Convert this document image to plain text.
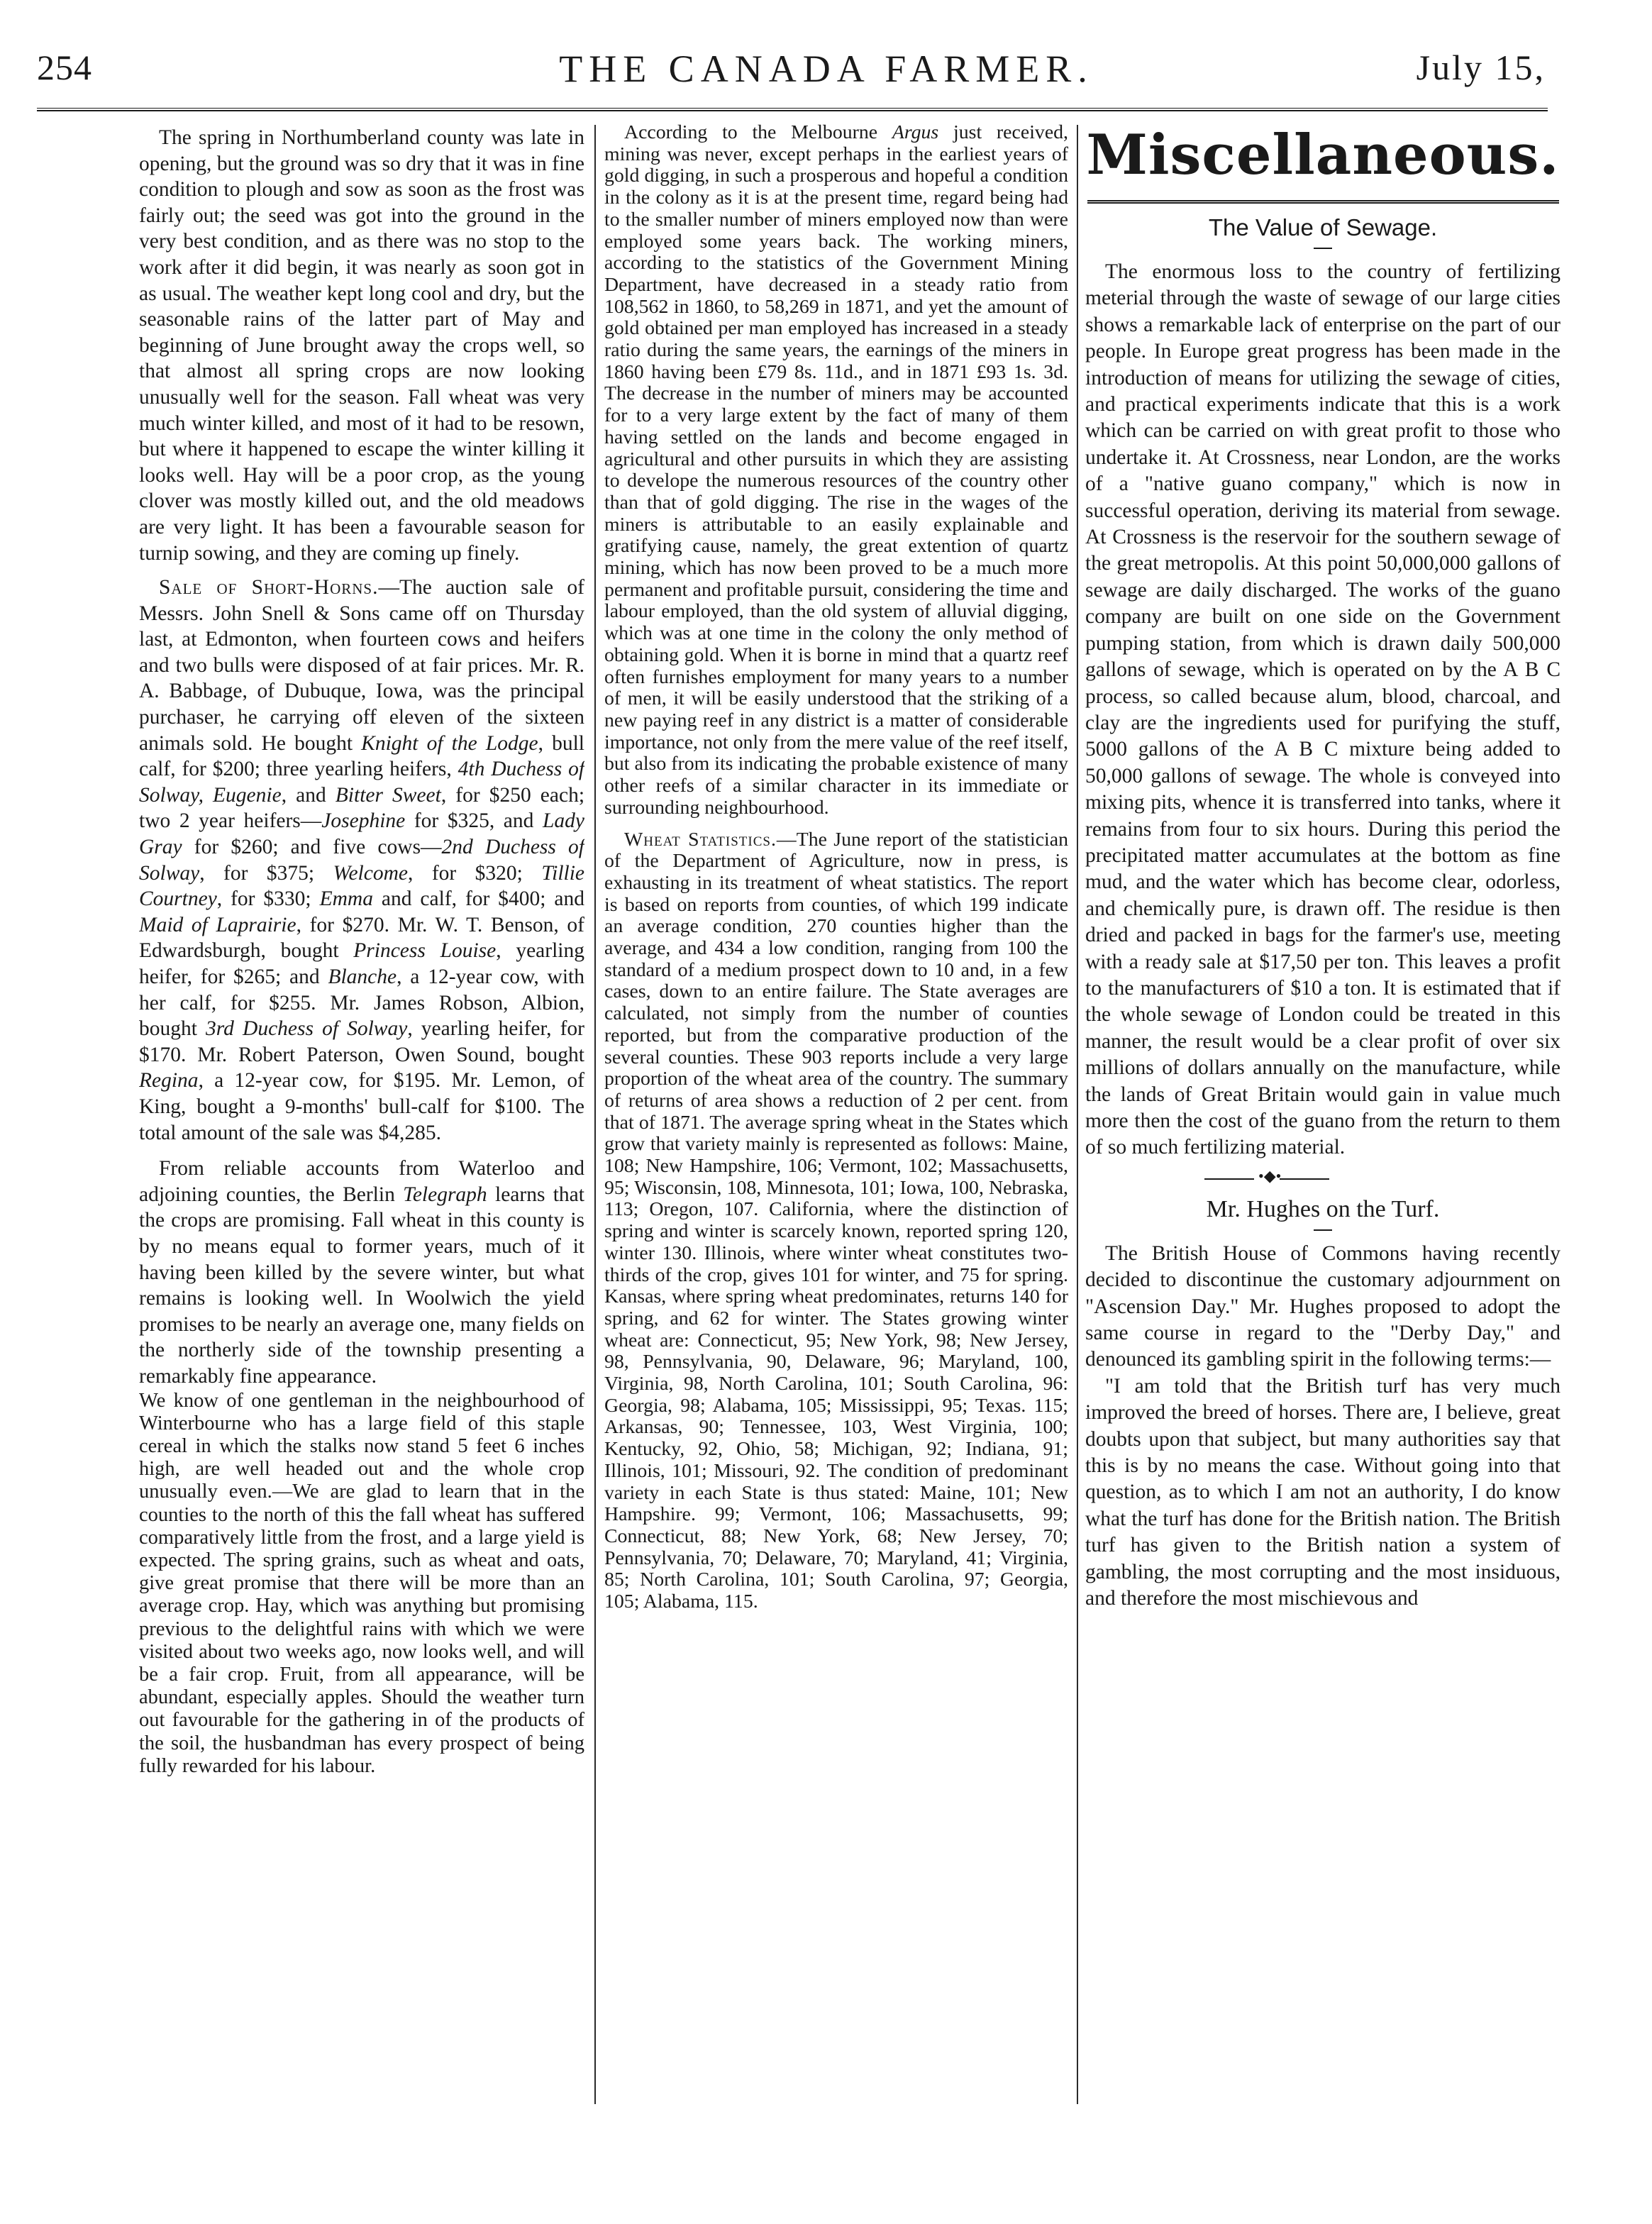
254	THE CANADA FARMER.	July 15,

The spring in Northumberland county was late in opening, but the ground was so dry that it was in fine condition to plough and sow as soon as the frost was fairly out; the seed was got into the ground in the very best condition, and as there was no stop to the work after it did begin, it was nearly as soon got in as usual. The weather kept long cool and dry, but the seasonable rains of the latter part of May and beginning of June brought away the crops well, so that almost all spring crops are now looking unusually well for the season. Fall wheat was very much winter killed, and most of it had to be resown, but where it happened to escape the winter killing it looks well. Hay will be a poor crop, as the young clover was mostly killed out, and the old meadows are very light. It has been a favourable season for turnip sowing, and they are coming up finely.

Sale of Short-Horns.—The auction sale of Messrs. John Snell & Sons came off on Thursday last, at Edmonton, when fourteen cows and heifers and two bulls were disposed of at fair prices. Mr. R. A. Babbage, of Dubuque, Iowa, was the principal purchaser, he carrying off eleven of the sixteen animals sold. He bought Knight of the Lodge, bull calf, for $200; three yearling heifers, 4th Duchess of Solway, Eugenie, and Bitter Sweet, for $250 each; two 2 year heifers—Josephine for $325, and Lady Gray for $260; and five cows—2nd Duchess of Solway, for $375; Welcome, for $320; Tillie Courtney, for $330; Emma and calf, for $400; and Maid of Laprairie, for $270. Mr. W. T. Benson, of Edwardsburgh, bought Princess Louise, yearling heifer, for $265; and Blanche, a 12-year cow, with her calf, for $255. Mr. James Robson, Albion, bought 3rd Duchess of Solway, yearling heifer, for $170. Mr. Robert Paterson, Owen Sound, bought Regina, a 12-year cow, for $195. Mr. Lemon, of King, bought a 9-months' bull-calf for $100. The total amount of the sale was $4,285.

From reliable accounts from Waterloo and adjoining counties, the Berlin Telegraph learns that the crops are promising. Fall wheat in this county is by no means equal to former years, much of it having been killed by the severe winter, but what remains is looking well. In Woolwich the yield promises to be nearly an average one, many fields on the northerly side of the township presenting a remarkably fine appearance.

We know of one gentleman in the neighbourhood of Winterbourne who has a large field of this staple cereal in which the stalks now stand 5 feet 6 inches high, are well headed out and the whole crop unusually even.—We are glad to learn that in the counties to the north of this the fall wheat has suffered comparatively little from the frost, and a large yield is expected. The spring grains, such as wheat and oats, give great promise that there will be more than an average crop. Hay, which was anything but promising previous to the delightful rains with which we were visited about two weeks ago, now looks well, and will be a fair crop. Fruit, from all appearance, will be abundant, especially apples. Should the weather turn out favourable for the gathering in of the products of the soil, the husbandman has every prospect of being fully rewarded for his labour.

According to the Melbourne Argus just received, mining was never, except perhaps in the earliest years of gold digging, in such a prosperous and hopeful a condition in the colony as it is at the present time, regard being had to the smaller number of miners employed now than were employed some years back. The working miners, according to the statistics of the Government Mining Department, have decreased in a steady ratio from 108,562 in 1860, to 58,269 in 1871, and yet the amount of gold obtained per man employed has increased in a steady ratio during the same years, the earnings of the miners in 1860 having been £79 8s. 11d., and in 1871 £93 1s. 3d. The decrease in the number of miners may be accounted for to a very large extent by the fact of many of them having settled on the lands and become engaged in agricultural and other pursuits in which they are assisting to develope the numerous resources of the country other than that of gold digging. The rise in the wages of the miners is attributable to an easily explainable and gratifying cause, namely, the great extention of quartz mining, which has now been proved to be a much more permanent and profitable pursuit, considering the time and labour employed, than the old system of alluvial digging, which was at one time in the colony the only method of obtaining gold. When it is borne in mind that a quartz reef often furnishes employment for many years to a number of men, it will be easily understood that the striking of a new paying reef in any district is a matter of considerable importance, not only from the mere value of the reef itself, but also from its indicating the probable existence of many other reefs of a similar character in its immediate or surrounding neighbourhood.

Wheat Statistics.—The June report of the statistician of the Department of Agriculture, now in press, is exhausting in its treatment of wheat statistics. The report is based on reports from counties, of which 199 indicate an average condition, 270 counties higher than the average, and 434 a low condition, ranging from 100 the standard of a medium prospect down to 10 and, in a few cases, down to an entire failure. The State averages are calculated, not simply from the number of counties reported, but from the comparative production of the several counties. These 903 reports include a very large proportion of the wheat area of the country. The summary of returns of area shows a reduction of 2 per cent. from that of 1871. The average spring wheat in the States which grow that variety mainly is represented as follows: Maine, 108; New Hampshire, 106; Vermont, 102; Massachusetts, 95; Wisconsin, 108, Minnesota, 101; Iowa, 100, Nebraska, 113; Oregon, 107. California, where the distinction of spring and winter is scarcely known, reported spring 120, winter 130. Illinois, where winter wheat constitutes two-thirds of the crop, gives 101 for winter, and 75 for spring. Kansas, where spring wheat predominates, returns 140 for spring, and 62 for winter. The States growing winter wheat are: Connecticut, 95; New York, 98; New Jersey, 98, Pennsylvania, 90, Delaware, 96; Maryland, 100, Virginia, 98, North Carolina, 101; South Carolina, 96: Georgia, 98; Alabama, 105; Mississippi, 95; Texas. 115; Arkansas, 90; Tennessee, 103, West Virginia, 100; Kentucky, 92, Ohio, 58; Michigan, 92; Indiana, 91; Illinois, 101; Missouri, 92. The condition of predominant variety in each State is thus stated: Maine, 101; New Hampshire. 99; Vermont, 106; Massachusetts, 99; Connecticut, 88; New York, 68; New Jersey, 70; Pennsylvania, 70; Delaware, 70; Maryland, 41; Virginia, 85; North Carolina, 101; South Carolina, 97; Georgia, 105; Alabama, 115.

Miscellaneous.
The Value of Sewage.

The enormous loss to the country of fertilizing meterial through the waste of sewage of our large cities shows a remarkable lack of enterprise on the part of our people. In Europe great progress has been made in the introduction of means for utilizing the sewage of cities, and practical experiments indicate that this is a work which can be carried on with great profit to those who undertake it. At Crossness, near London, are the works of a "native guano company," which is now in successful operation, deriving its material from sewage. At Crossness is the reservoir for the southern sewage of the great metropolis. At this point 50,000,000 gallons of sewage are daily discharged. The works of the guano company are built on one side on the Government pumping station, from which is drawn daily 500,000 gallons of sewage, which is operated on by the A B C process, so called because alum, blood, charcoal, and clay are the ingredients used for purifying the stuff, 5000 gallons of the A B C mixture being added to 50,000 gallons of sewage. The whole is conveyed into mixing pits, whence it is transferred into tanks, where it remains from four to six hours. During this period the precipitated matter accumulates at the bottom as fine mud, and the water which has become clear, odorless, and chemically pure, is drawn off. The residue is then dried and packed in bags for the farmer's use, meeting with a ready sale at $17,50 per ton. This leaves a profit to the manufacturers of $10 a ton. It is estimated that if the whole sewage of London could be treated in this manner, the result would be a clear profit of over six millions of dollars annually on the manufacture, while the lands of Great Britain would gain in value much more then the cost of the guano from the return to them of so much fertilizing material.

•◆•
Mr. Hughes on the Turf.

The British House of Commons having recently decided to discontinue the customary adjournment on "Ascension Day." Mr. Hughes proposed to adopt the same course in regard to the "Derby Day," and denounced its gambling spirit in the following terms:—

"I am told that the British turf has very much improved the breed of horses. There are, I believe, great doubts upon that subject, but many authorities say that this is by no means the case. Without going into that question, as to which I am not an authority, I do know what the turf has done for the British nation. The British turf has given to the British nation a system of gambling, the most corrupting and the most insiduous, and therefore the most mischievous and
